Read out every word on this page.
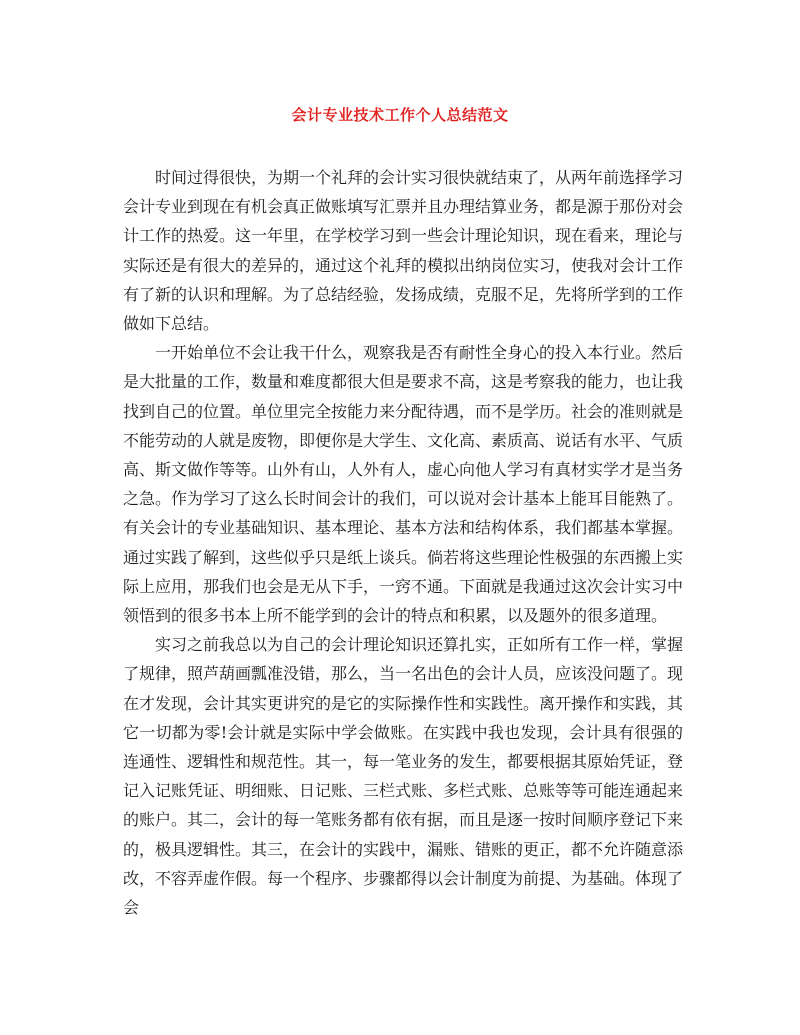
会计专业技术工作个人总结范文

时间过得很快，为期一个礼拜的会计实习很快就结束了，从两年前选择学习会计专业到现在有机会真正做账填写汇票并且办理结算业务，都是源于那份对会计工作的热爱。这一年里，在学校学习到一些会计理论知识，现在看来，理论与实际还是有很大的差异的，通过这个礼拜的模拟出纳岗位实习，使我对会计工作有了新的认识和理解。为了总结经验，发扬成绩，克服不足，先将所学到的工作做如下总结。

一开始单位不会让我干什么，观察我是否有耐性全身心的投入本行业。然后是大批量的工作，数量和难度都很大但是要求不高，这是考察我的能力，也让我找到自己的位置。单位里完全按能力来分配待遇，而不是学历。社会的准则就是不能劳动的人就是废物，即便你是大学生、文化高、素质高、说话有水平、气质高、斯文做作等等。山外有山，人外有人，虚心向他人学习有真材实学才是当务之急。作为学习了这么长时间会计的我们，可以说对会计基本上能耳目能熟了。有关会计的专业基础知识、基本理论、基本方法和结构体系，我们都基本掌握。通过实践了解到，这些似乎只是纸上谈兵。倘若将这些理论性极强的东西搬上实际上应用，那我们也会是无从下手，一窍不通。下面就是我通过这次会计实习中领悟到的很多书本上所不能学到的会计的特点和积累，以及题外的很多道理。

实习之前我总以为自己的会计理论知识还算扎实，正如所有工作一样，掌握了规律，照芦葫画瓢准没错，那么，当一名出色的会计人员，应该没问题了。现在才发现，会计其实更讲究的是它的实际操作性和实践性。离开操作和实践，其它一切都为零!会计就是实际中学会做账。在实践中我也发现，会计具有很强的连通性、逻辑性和规范性。其一，每一笔业务的发生，都要根据其原始凭证，登记入记账凭证、明细账、日记账、三栏式账、多栏式账、总账等等可能连通起来的账户。其二，会计的每一笔账务都有依有据，而且是逐一按时间顺序登记下来的，极具逻辑性。其三，在会计的实践中，漏账、错账的更正，都不允许随意添改，不容弄虚作假。每一个程序、步骤都得以会计制度为前提、为基础。体现了会
